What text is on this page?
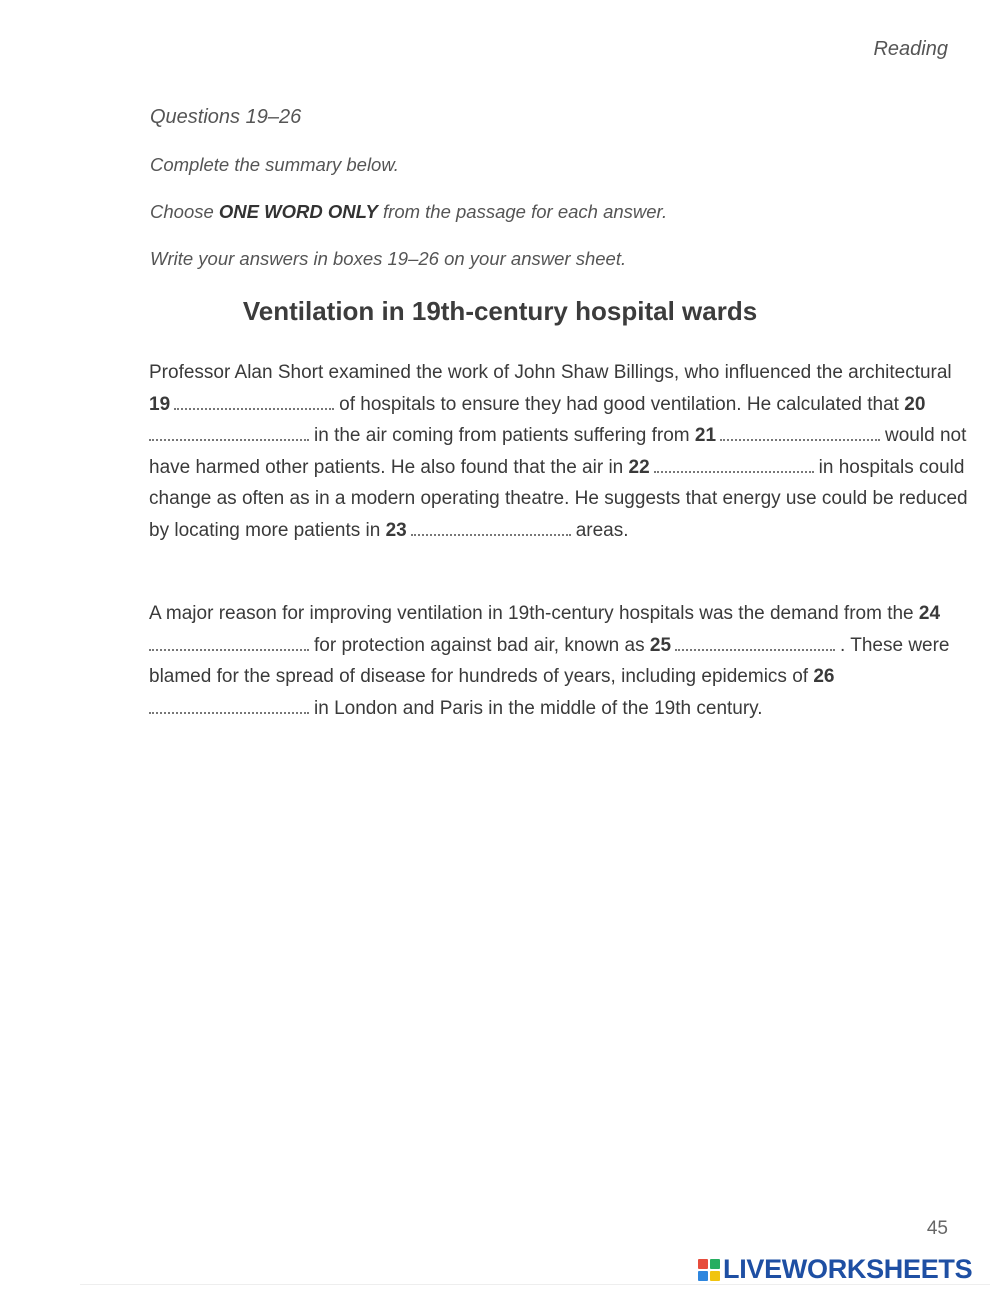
Reading
Questions 19–26
Complete the summary below.
Choose ONE WORD ONLY from the passage for each answer.
Write your answers in boxes 19–26 on your answer sheet.
Ventilation in 19th-century hospital wards

Professor Alan Short examined the work of John Shaw Billings, who influenced the architectural 19	of hospitals to ensure they had good ventilation. He calculated that 20in the air coming from patients suffering from 21	would not have harmed other patients. He also found that the air in 22	in hospitals could change as often as in a modern operating theatre. He suggests that energy use could be reduced by locating more patients in 23	areas.

A major reason for improving ventilation in 19th-century hospitals was the demand from the 24for protection against bad air, known as 25	. These were blamed for the spread of disease for hundreds of years, including epidemics of 26in London and Paris in the middle of the 19th century.

45
LIVEWORKSHEETS
